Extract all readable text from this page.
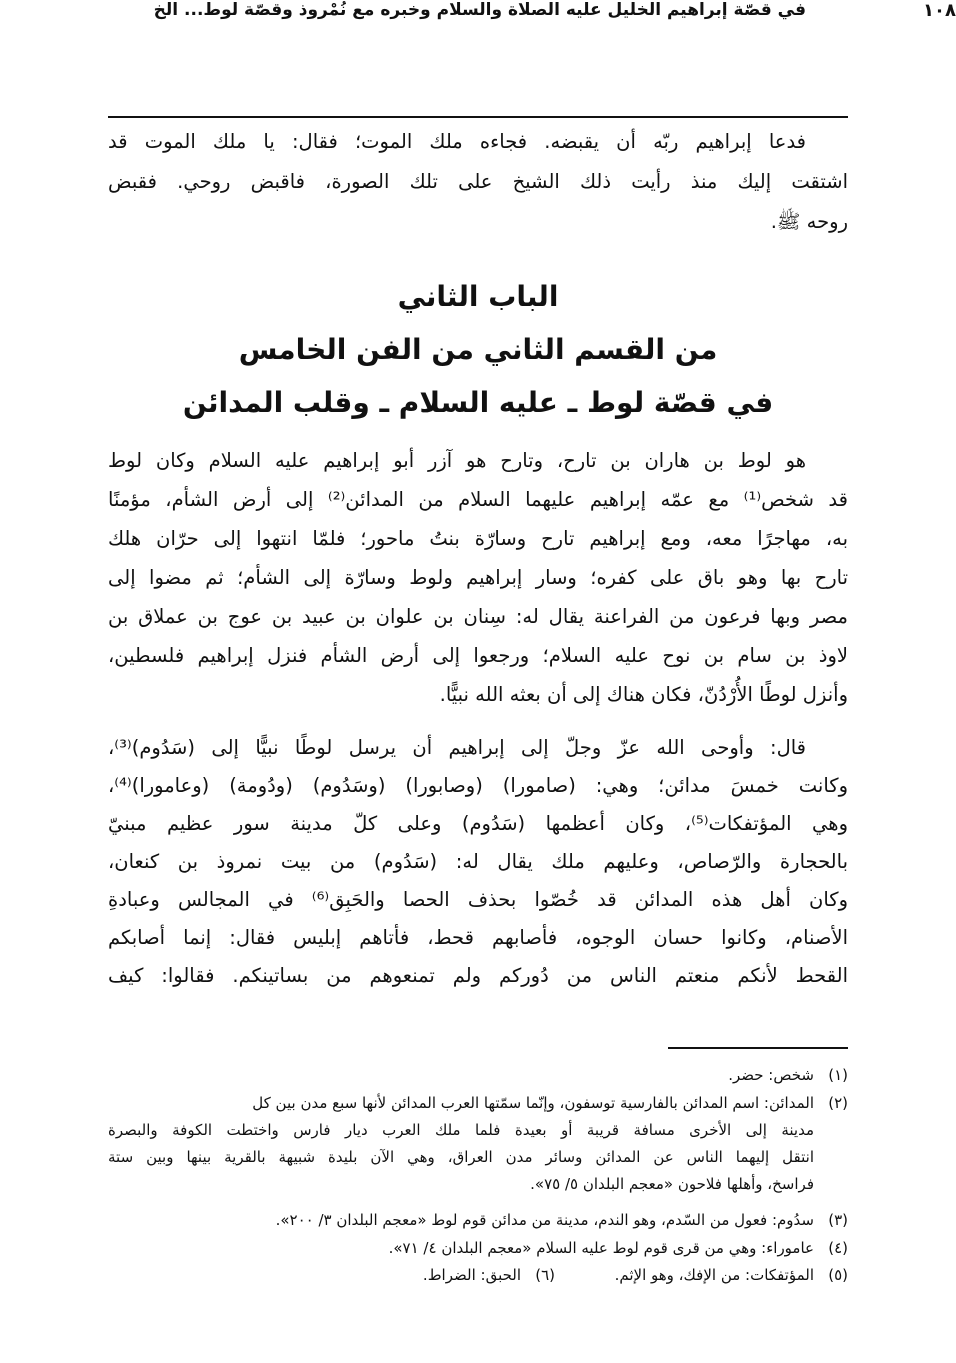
١٠٨
في قصّة إبراهيم الخليل عليه الصلاة والسلام وخبره مع نُمْروذ وقصّة لوط... الخ
فدعا إبراهيم ربّه أن يقبضه. فجاءه ملك الموت؛ فقال: يا ملك الموت قد
اشتقت إليك منذ رأيت ذلك الشيخ على تلك الصورة، فاقبض روحي. فقبض
روحه ﷺ.
الباب الثاني
من القسم الثاني من الفن الخامس
في قصّة لوط ـ عليه السلام ـ وقلب المدائن
هو لوط بن هاران بن تارح، وتارح هو آزر أبو إبراهيم عليه السلام وكان لوط
قد شخص⁽¹⁾ مع عمّه إبراهيم عليهما السلام من المدائن⁽²⁾ إلى أرض الشأم، مؤمنًا
به، مهاجرًا معه، ومع إبراهيم تارح وسارّة بنتُ ماحور؛ فلمّا انتهوا إلى حرّان هلك
تارح بها وهو باق على كفره؛ وسار إبراهيم ولوط وسارّة إلى الشأم؛ ثم مضوا إلى
مصر وبها فرعون من الفراعنة يقال له: سِنان بن علوان بن عبيد بن عوج بن عملاق بن
لاوذ بن سام بن نوح عليه السلام؛ ورجعوا إلى أرض الشأم فنزل إبراهيم فلسطين،
وأنزل لوطًا الأُرْدُنّ، فكان هناك إلى أن بعثه الله نبيًّا.
قال: وأوحى الله عزّ وجلّ إلى إبراهيم أن يرسل لوطًا نبيًّا إلى (سَدُوم)⁽³⁾،
وكانت خمسَ مدائن؛ وهي: (صامورا) (وصابورا) (وسَدُوم) (ودُومة) (وعامورا)⁽⁴⁾،
وهي المؤتفكات⁽⁵⁾، وكان أعظمها (سَدُوم) وعلى كلّ مدينة سور عظيم مبنيّ
بالحجارة والرّصاص، وعليهم ملك يقال له: (سَدُوم) من بيت نمروذ بن كنعان،
وكان أهل هذه المدائن قد خُصّوا بحذف الحصا والحَبِق⁽⁶⁾ في المجالس وعبادةِ
الأصنام، وكانوا حسان الوجوه، فأصابهم قحط، فأتاهم إبليس فقال: إنما أصابكم
القحط لأنكم منعتم الناس من دُوركم ولم تمنعوهم من بساتينكم. فقالوا: كيف
(١)شخص: حضر.
(٢)المدائن: اسم المدائن بالفارسية توسفون، وإنّما سمّتها العرب المدائن لأنها سبع مدن بين كل
مدينة إلى الأخرى مسافة قريبة أو بعيدة فلما ملك العرب ديار فارس واختطت الكوفة والبصرة
انتقل إليهما الناس عن المدائن وسائر مدن العراق، وهي الآن بليدة شبيهة بالقرية بينها وبين ستة
فراسخ، وأهلها فلاحون «معجم البلدان ٥/ ٧٥».
(٣)سدُوم: فعول من السّدم، وهو الندم، مدينة من مدائن قوم لوط «معجم البلدان ٣/ ٢٠٠».
(٤)عاموراء: وهي من قرى قوم لوط عليه السلام «معجم البلدان ٤/ ٧١».
(٥)المؤتفكات: من الإفك، وهو الإثم.  (٦)الحبق: الضراط.
